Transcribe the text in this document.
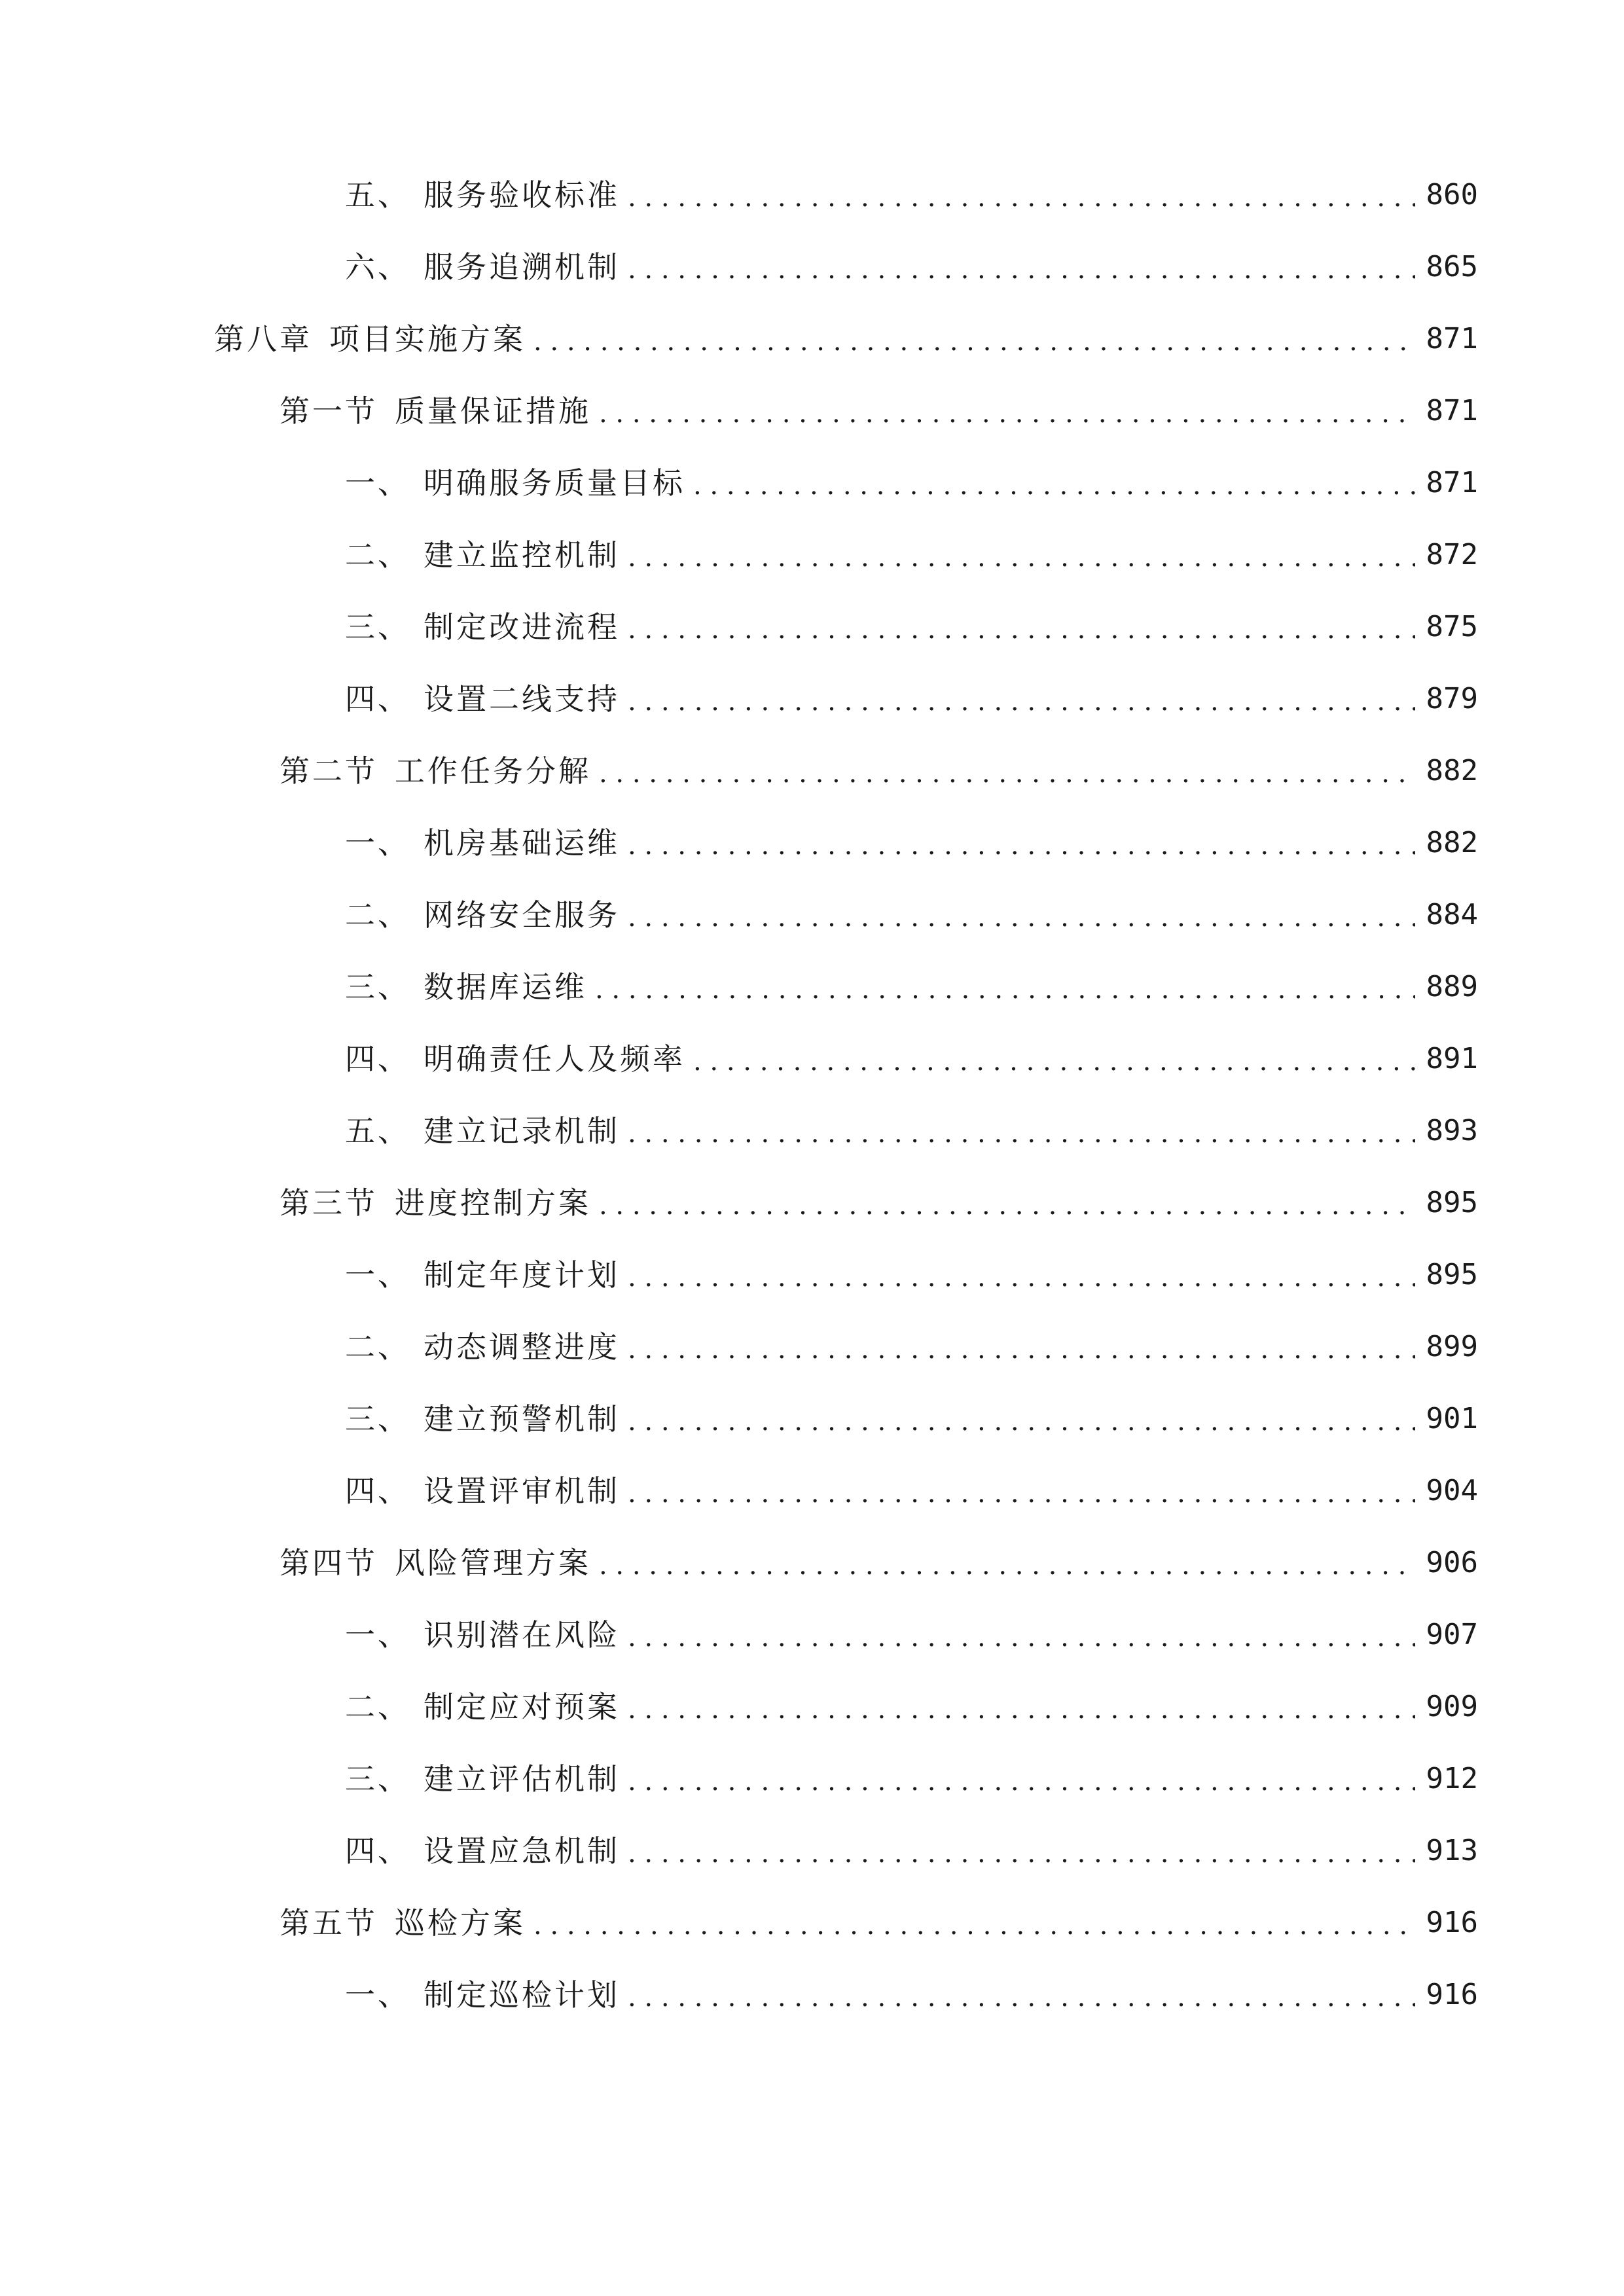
五、 服务验收标准 . . .	860
六、 服务追溯机制 . . .	865
第八章 项目实施方案 . . .	871
第一节 质量保证措施 . . .	871
一、 明确服务质量目标 . . .	871
二、 建立监控机制 . . .	872
三、 制定改进流程 . . .	875
四、 设置二线支持 . . .	879
第二节 工作任务分解 . . .	882
一、 机房基础运维 . . .	882
二、 网络安全服务 . . .	884
三、 数据库运维 . . .	889
四、 明确责任人及频率 . . .	891
五、 建立记录机制 . . .	893
第三节 进度控制方案 . . .	895
一、 制定年度计划 . . .	895
二、 动态调整进度 . . .	899
三、 建立预警机制 . . .	901
四、 设置评审机制 . . .	904
第四节 风险管理方案 . . .	906
一、 识别潜在风险 . . .	907
二、 制定应对预案 . . .	909
三、 建立评估机制 . . .	912
四、 设置应急机制 . . .	913
第五节 巡检方案 . . .	916
一、 制定巡检计划 . . .	916
